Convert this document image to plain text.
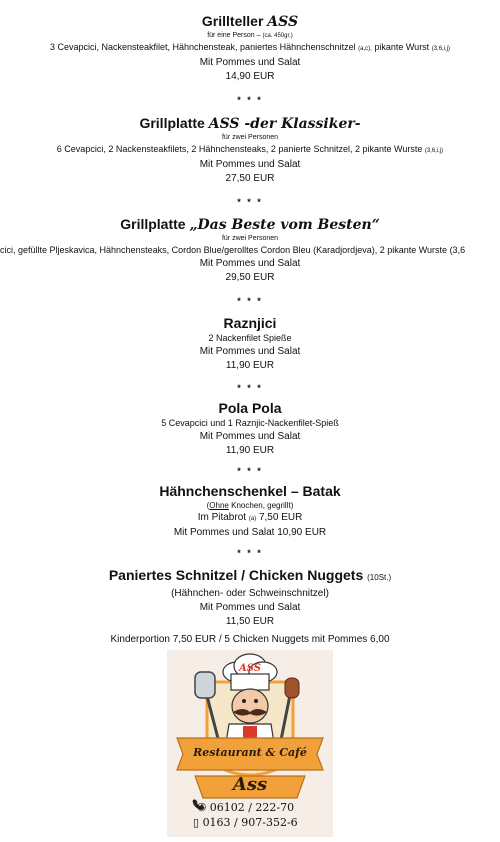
Grillteller ASS
für eine Person – (ca. 450gr.)
3 Cevapcici, Nackensteakfilet, Hähnchensteak, paniertes Hähnchenschnitzel (a,c), pikante Wurst (3,6,i,j)
Mit Pommes und Salat
14,90 EUR
* * *
Grillplatte ASS -der Klassiker-
für zwei Personen
6 Cevapcici, 2 Nackensteakfilets, 2 Hähnchensteaks, 2 panierte Schnitzel, 2 pikante Wurste (3,6,i,j)
Mit Pommes und Salat
27,50 EUR
* * *
Grillplatte „Das Beste vom Besten“
für zwei Personen
cici, gefüllte Pljeskavica, Hähnchensteaks, Cordon Blue/gerolltes Cordon Bleu (Karadjordjeva), 2 pikante Wurste (3,6
Mit Pommes und Salat
29,50 EUR
* * *
Raznjici
2 Nackenfilet Spieße
Mit Pommes und Salat
11,90 EUR
* * *
Pola Pola
5 Cevapcici und 1 Raznjic-Nackenfilet-Spieß
Mit Pommes und Salat
11,90 EUR
* * *
Hähnchenschenkel – Batak
(Ohne Knochen, gegrillt)
Im Pitabrot (a) 7,50 EUR
Mit Pommes und Salat 10,90 EUR
* * *
Paniertes Schnitzel / Chicken Nuggets (10St.)
(Hähnchen- oder Schweinschnitzel)
Mit Pommes und Salat
11,50 EUR
Kinderportion 7,50 EUR / 5 Chicken Nuggets mit Pommes 6,00
ASS
Restaurant & Café
Ass
✆ 06102 / 222-70
▯ 0163 / 907-352-6
